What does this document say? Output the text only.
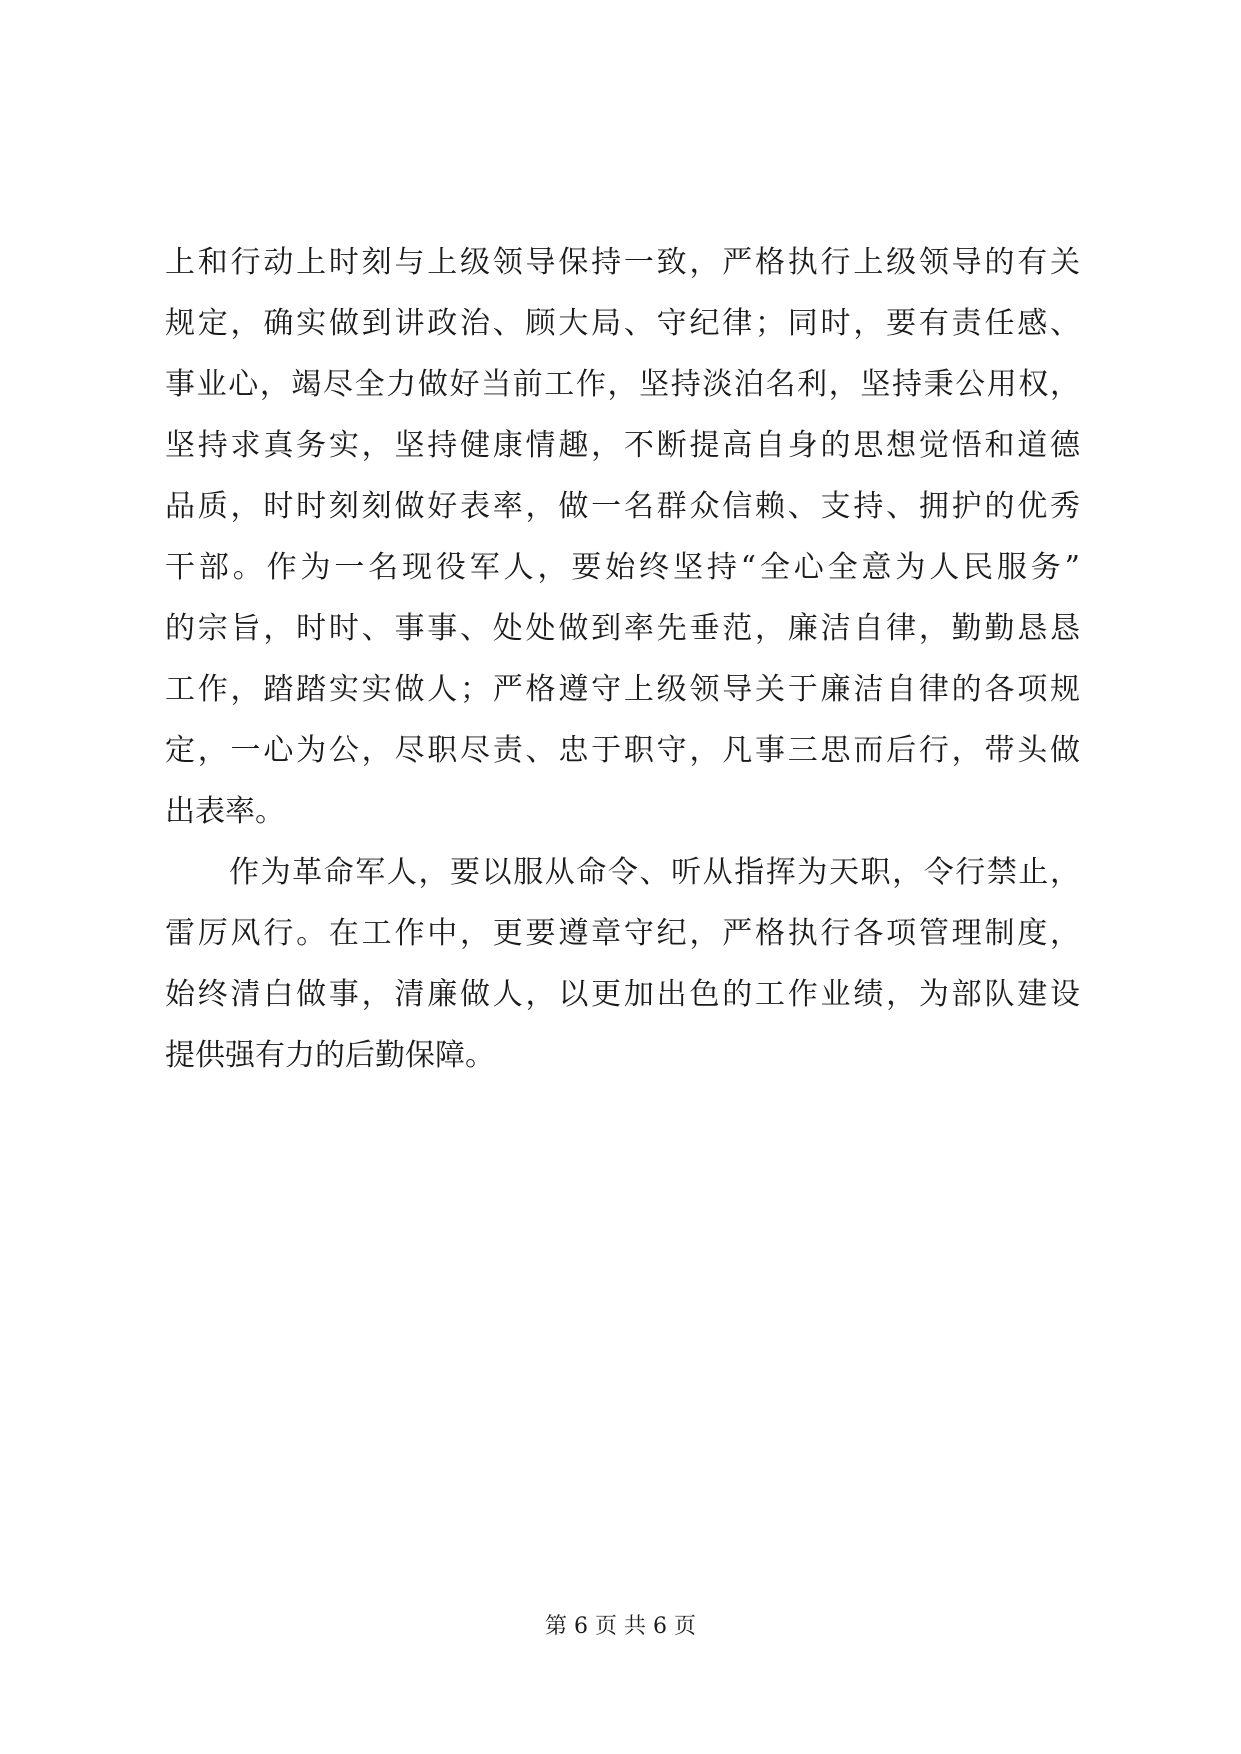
上和行动上时刻与上级领导保持一致，严格执行上级领导的有关
规定，确实做到讲政治、顾大局、守纪律；同时，要有责任感、
事业心，竭尽全力做好当前工作，坚持淡泊名利，坚持秉公用权，
坚持求真务实，坚持健康情趣，不断提高自身的思想觉悟和道德
品质，时时刻刻做好表率，做一名群众信赖、支持、拥护的优秀
干部。作为一名现役军人，要始终坚持“全心全意为人民服务”
的宗旨，时时、事事、处处做到率先垂范，廉洁自律，勤勤恳恳
工作，踏踏实实做人；严格遵守上级领导关于廉洁自律的各项规
定，一心为公，尽职尽责、忠于职守，凡事三思而后行，带头做
出表率。
作为革命军人，要以服从命令、听从指挥为天职，令行禁止，
雷厉风行。在工作中，更要遵章守纪，严格执行各项管理制度，
始终清白做事，清廉做人，以更加出色的工作业绩，为部队建设
提供强有力的后勤保障。
第 6 页 共 6 页
